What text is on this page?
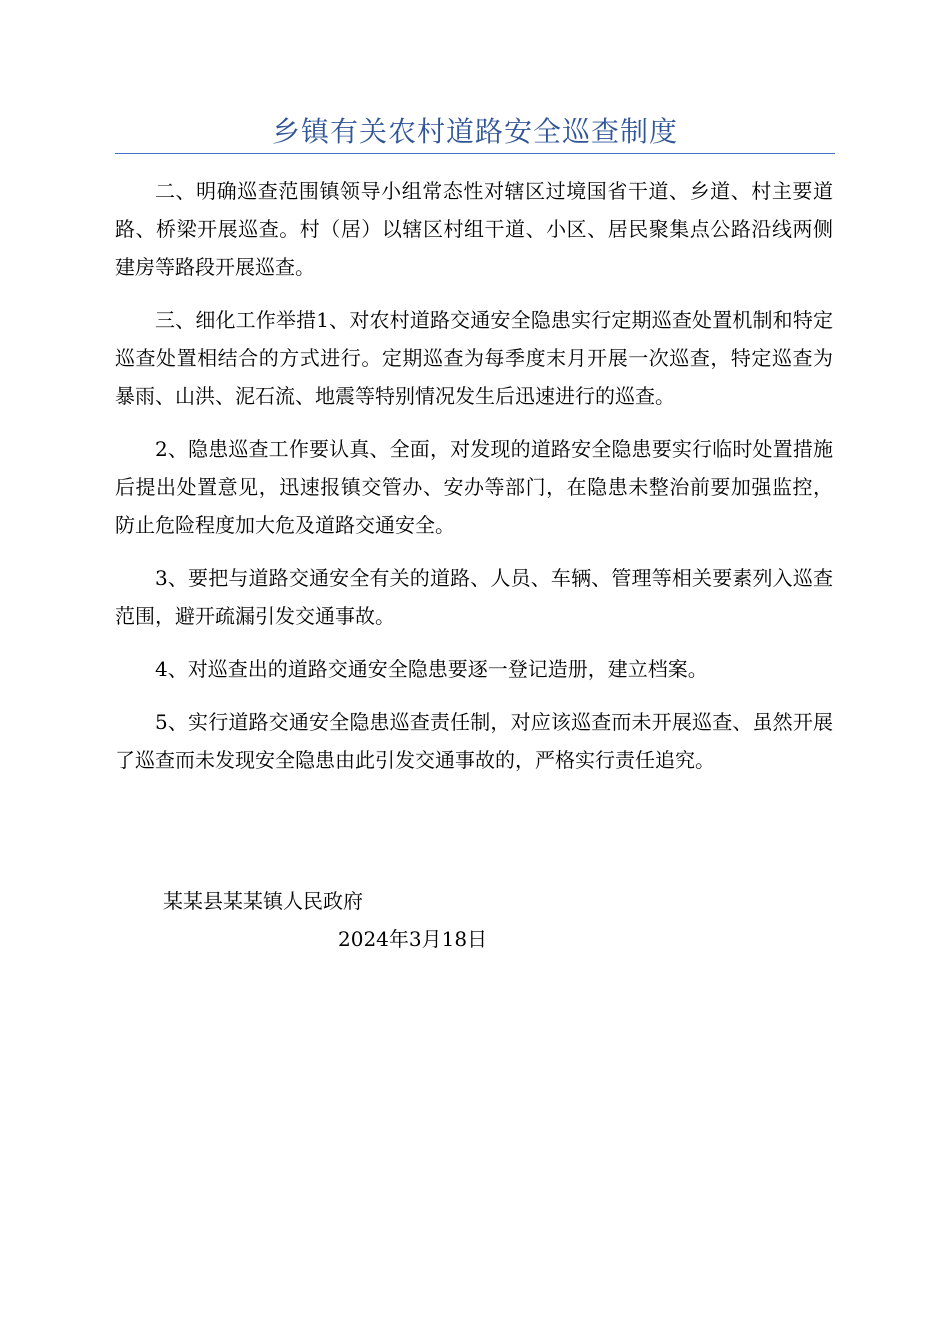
乡镇有关农村道路安全巡查制度

二、明确巡查范围镇领导小组常态性对辖区过境国省干道、乡道、村主要道路、桥梁开展巡查。村（居）以辖区村组干道、小区、居民聚集点公路沿线两侧建房等路段开展巡查。

三、细化工作举措1、对农村道路交通安全隐患实行定期巡查处置机制和特定巡查处置相结合的方式进行。定期巡查为每季度末月开展一次巡查，特定巡查为暴雨、山洪、泥石流、地震等特别情况发生后迅速进行的巡查。

2、隐患巡查工作要认真、全面，对发现的道路安全隐患要实行临时处置措施后提出处置意见，迅速报镇交管办、安办等部门，在隐患未整治前要加强监控，防止危险程度加大危及道路交通安全。

3、要把与道路交通安全有关的道路、人员、车辆、管理等相关要素列入巡查范围，避开疏漏引发交通事故。

4、对巡查出的道路交通安全隐患要逐一登记造册，建立档案。

5、实行道路交通安全隐患巡查责任制，对应该巡查而未开展巡查、虽然开展了巡查而未发现安全隐患由此引发交通事故的，严格实行责任追究。

某某县某某镇人民政府
2024年3月18日
